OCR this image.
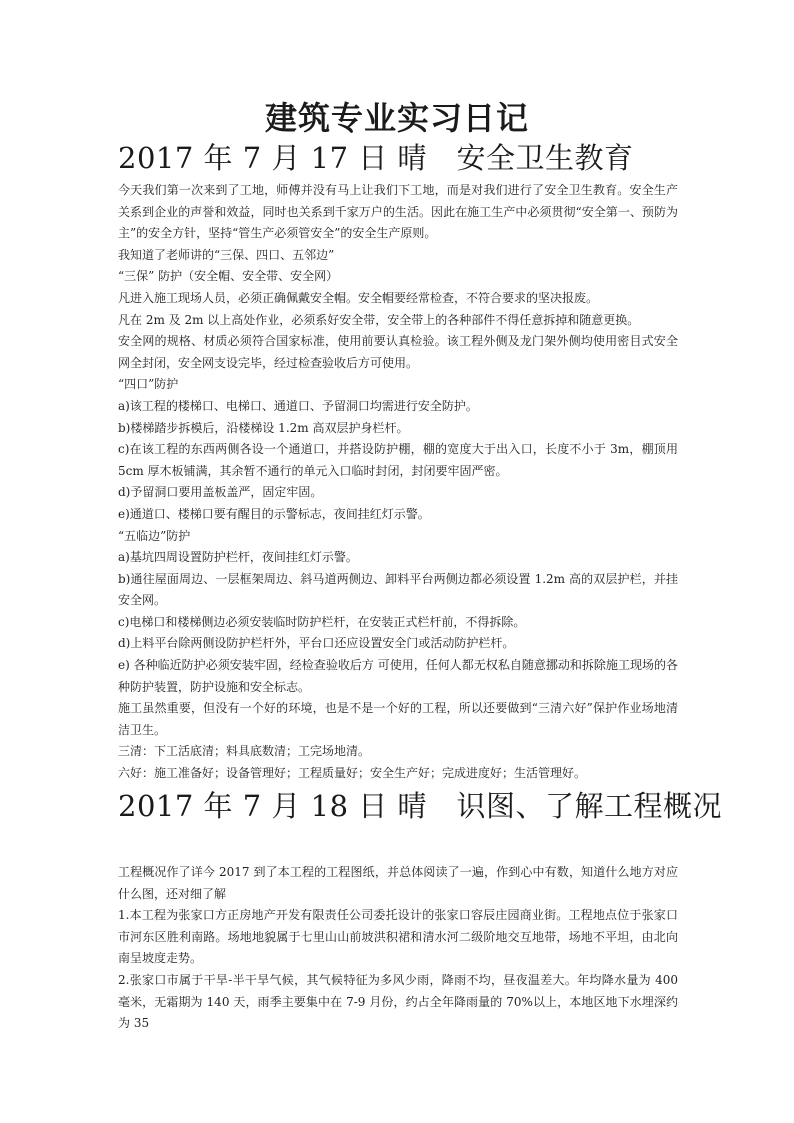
建筑专业实习日记
2017 年 7 月 17 日 晴　安全卫生教育

今天我们第一次来到了工地，师傅并没有马上让我们下工地，而是对我们进行了安全卫生教育。安全生产关系到企业的声誉和效益，同时也关系到千家万户的生活。因此在施工生产中必须贯彻“安全第一、预防为主”的安全方针，坚持“管生产必须管安全”的安全生产原则。

我知道了老师讲的“三保、四口、五邻边”

“三保” 防护（安全帽、安全带、安全网）

凡进入施工现场人员，必须正确佩戴安全帽。安全帽要经常检查，不符合要求的坚决报废。

凡在 2m 及 2m 以上高处作业，必须系好安全带，安全带上的各种部件不得任意拆掉和随意更换。

安全网的规格、材质必须符合国家标准，使用前要认真检验。该工程外侧及龙门架外侧均使用密目式安全网全封闭，安全网支设完毕，经过检查验收后方可使用。

“四口”防护

a)该工程的楼梯口、电梯口、通道口、予留洞口均需进行安全防护。

b)楼梯踏步拆模后，沿楼梯设 1.2m 高双层护身栏杆。

c)在该工程的东西两侧各设一个通道口，并搭设防护棚，棚的宽度大于出入口，长度不小于 3m，棚顶用 5cm 厚木板铺满，其余暂不通行的单元入口临时封闭，封闭要牢固严密。

d)予留洞口要用盖板盖严，固定牢固。

e)通道口、楼梯口要有醒目的示警标志，夜间挂红灯示警。

“五临边”防护

a)基坑四周设置防护栏杆，夜间挂红灯示警。

b)通往屋面周边、一层框架周边、斜马道两侧边、卸料平台两侧边都必须设置 1.2m 高的双层护栏，并挂安全网。

c)电梯口和楼梯侧边必须安装临时防护栏杆，在安装正式栏杆前，不得拆除。

d)上料平台除两侧设防护栏杆外，平台口还应设置安全门或活动防护栏杆。

e) 各种临近防护必须安装牢固，经检查验收后方 可使用，任何人都无权私自随意挪动和拆除施工现场的各种防护装置，防护设施和安全标志。

施工虽然重要，但没有一个好的环境，也是不是一个好的工程，所以还要做到“三清六好”保护作业场地清洁卫生。

三清：下工活底清；料具底数清；工完场地清。

六好：施工准备好；设备管理好；工程质量好；安全生产好；完成进度好；生活管理好。

2017 年 7 月 18 日 晴　识图、了解工程概况

工程概况作了详今 2017 到了本工程的工程图纸，并总体阅读了一遍，作到心中有数，知道什么地方对应什么图，还对细了解

1.本工程为张家口方正房地产开发有限责任公司委托设计的张家口容辰庄园商业街。工程地点位于张家口市河东区胜利南路。场地地貌属于七里山山前坡洪积裙和清水河二级阶地交互地带，场地不平坦，由北向南呈坡度走势。

2.张家口市属于干旱-半干旱气候，其气候特征为多风少雨，降雨不均，昼夜温差大。年均降水量为 400 毫米，无霜期为 140 天，雨季主要集中在 7-9 月份，约占全年降雨量的 70%以上，本地区地下水埋深约为 35
